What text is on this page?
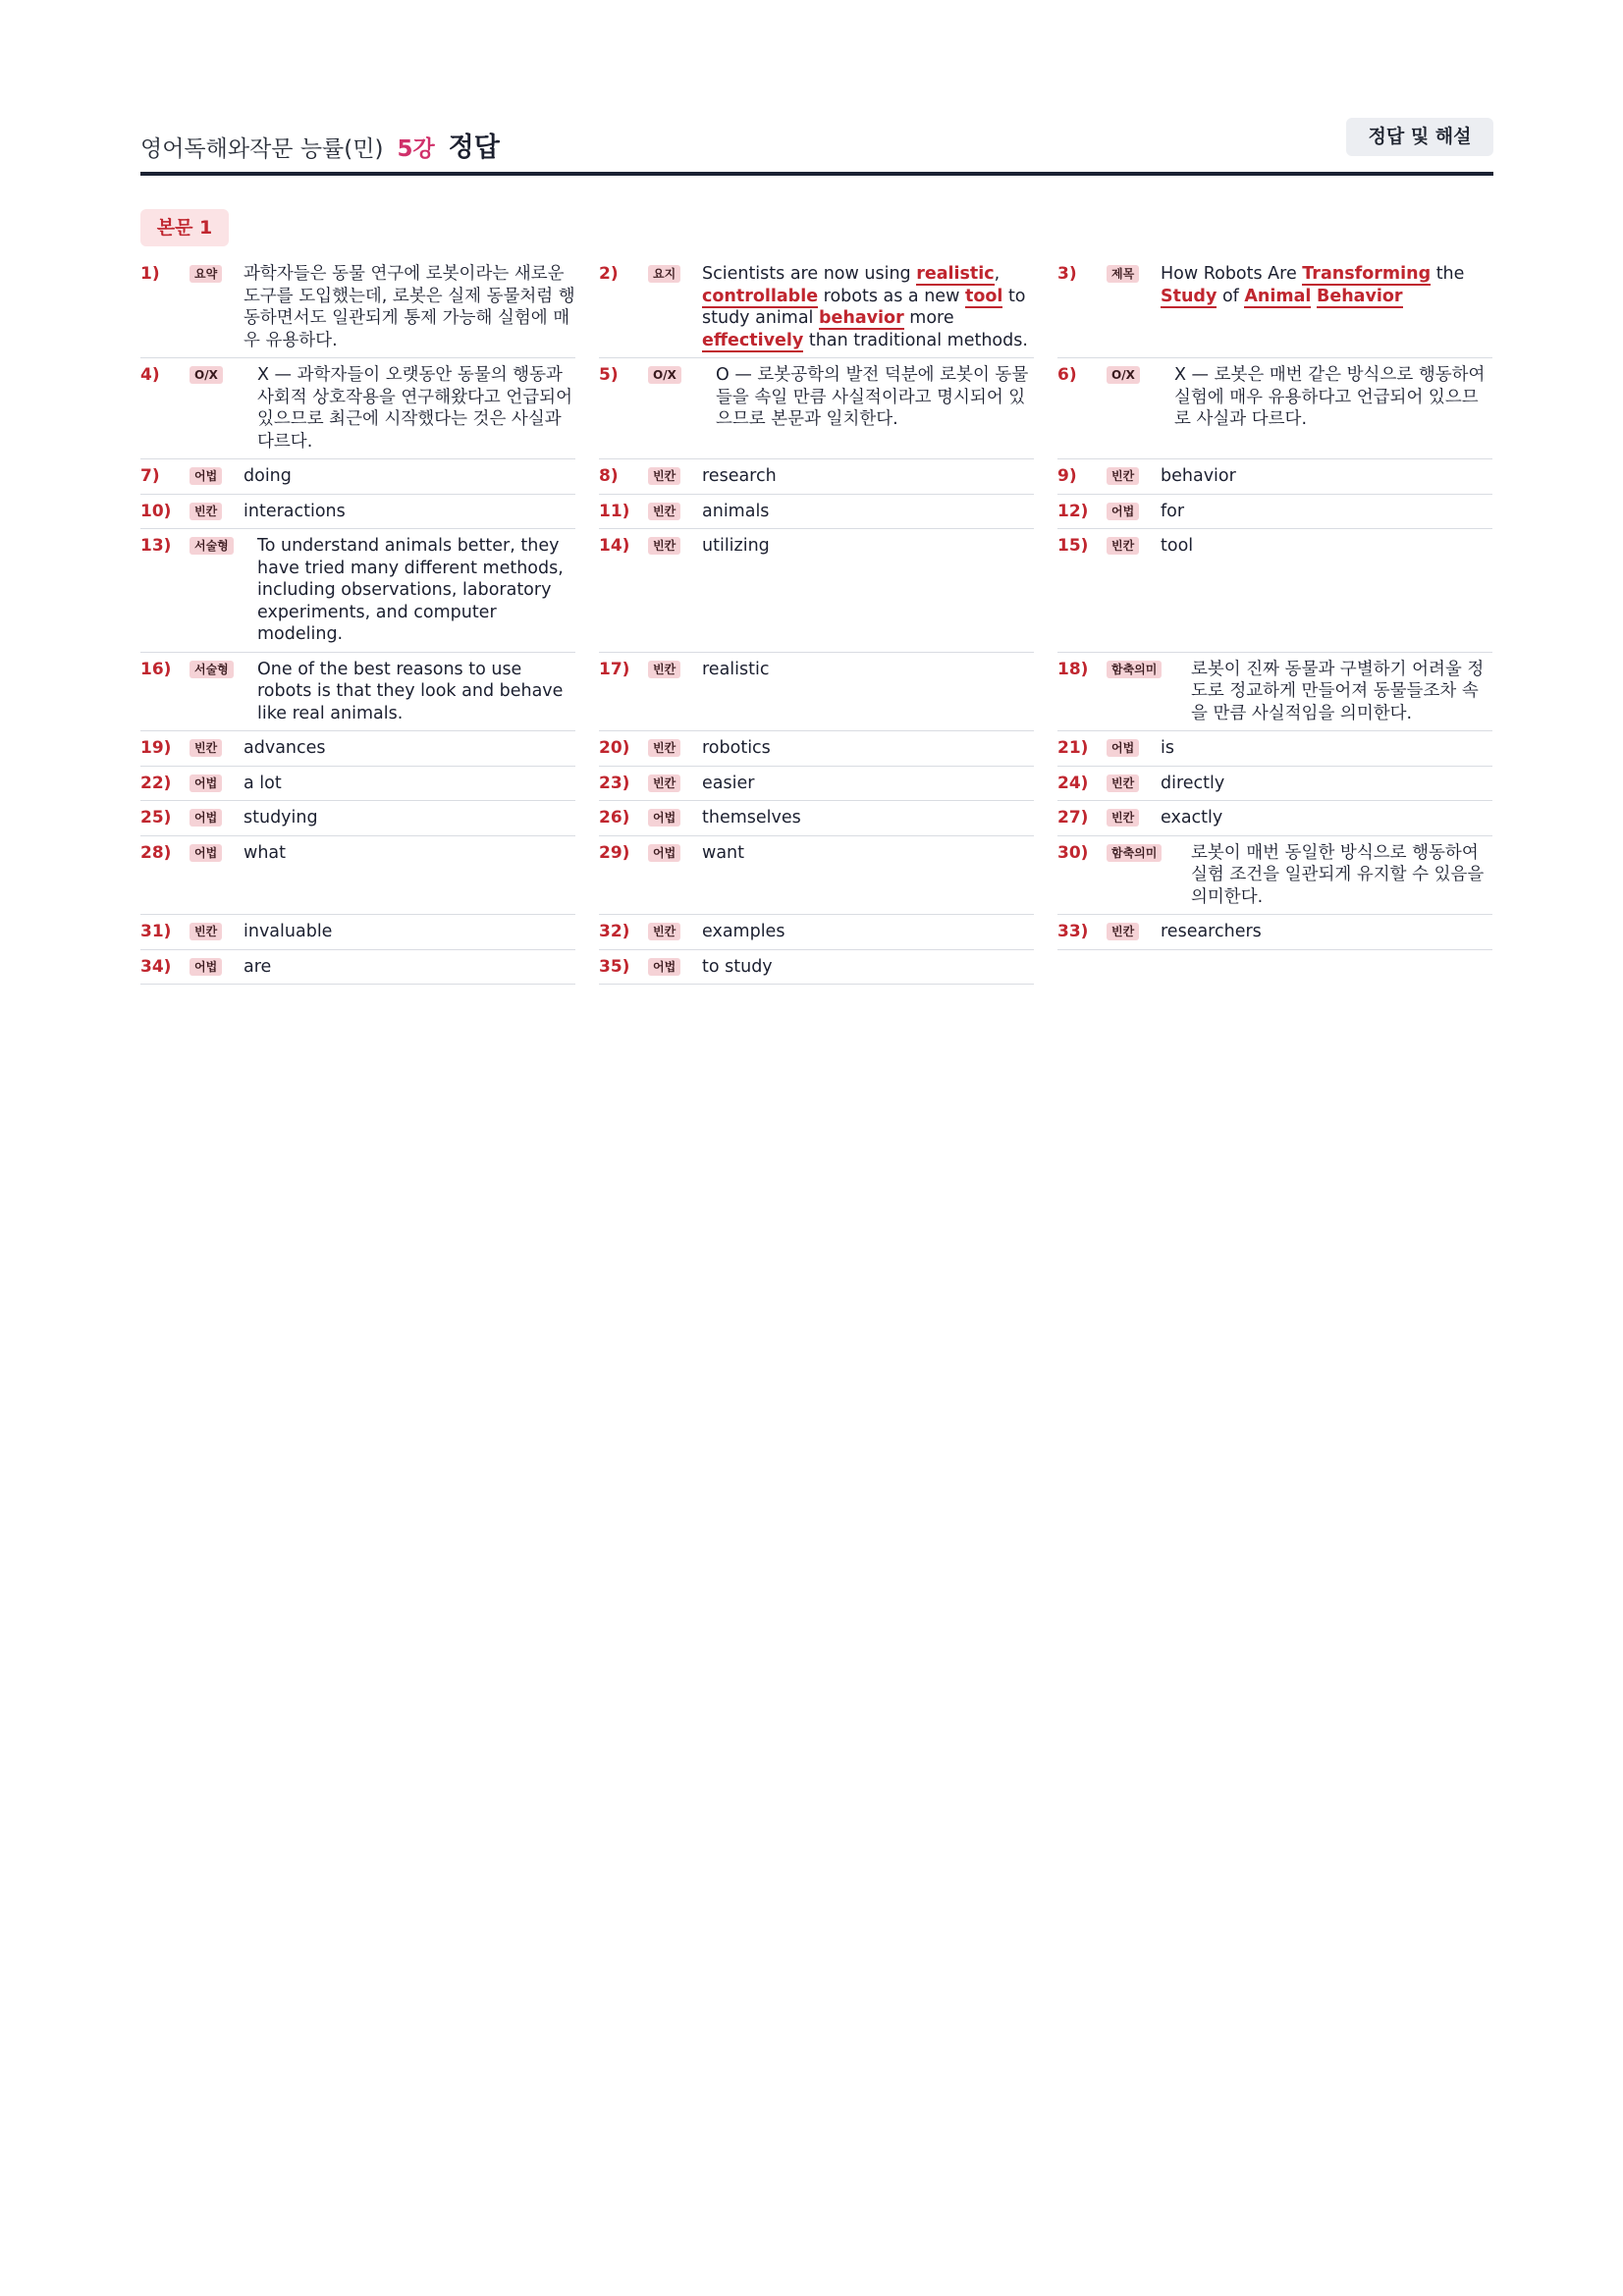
영어독해와작문 능률(민) 5강 정답	정답 및 해설
본문 1
1)	요약 과학자들은 동물 연구에 로봇이라는 새로운 도구를 도입했는데, 로봇은 실제 동물처럼 행동하면서도 일관되게 통제 가능해 실험에 매우 유용하다.
2)	요지 Scientists are now using realistic, controllable robots as a new tool to study animal behavior more effectively than traditional methods.
3)	제목 How Robots Are Transforming the Study of Animal Behavior
4)	O/X X — 과학자들이 오랫동안 동물의 행동과 사회적 상호작용을 연구해왔다고 언급되어 있으므로 최근에 시작했다는 것은 사실과 다르다.
5)	O/X O — 로봇공학의 발전 덕분에 로봇이 동물들을 속일 만큼 사실적이라고 명시되어 있으므로 본문과 일치한다.
6)	O/X X — 로봇은 매번 같은 방식으로 행동하여 실험에 매우 유용하다고 언급되어 있으므로 사실과 다르다.
7)	어법 doing	8)	빈칸 research	9)	빈칸 behavior
10)	빈칸 interactions	11)	빈칸 animals	12)	어법 for
13)	서술형 To understand animals better, they have tried many different methods, including observations, laboratory experiments, and computer modeling.
14)	빈칸 utilizing	15)	빈칸 tool
16)	서술형 One of the best reasons to use robots is that they look and behave like real animals.
17)	빈칸 realistic	18)	함축의미 로봇이 진짜 동물과 구별하기 어려울 정도로 정교하게 만들어져 동물들조차 속을 만큼 사실적임을 의미한다.
19)	빈칸 advances	20)	빈칸 robotics	21)	어법 is
22)	어법 a lot	23)	빈칸 easier	24)	빈칸 directly
25)	어법 studying	26)	어법 themselves	27)	빈칸 exactly
28)	어법 what	29)	어법 want	30)	함축의미 로봇이 매번 동일한 방식으로 행동하여 실험 조건을 일관되게 유지할 수 있음을 의미한다.
31)	빈칸 invaluable	32)	빈칸 examples	33)	빈칸 researchers
34)	어법 are	35)	어법 to study
